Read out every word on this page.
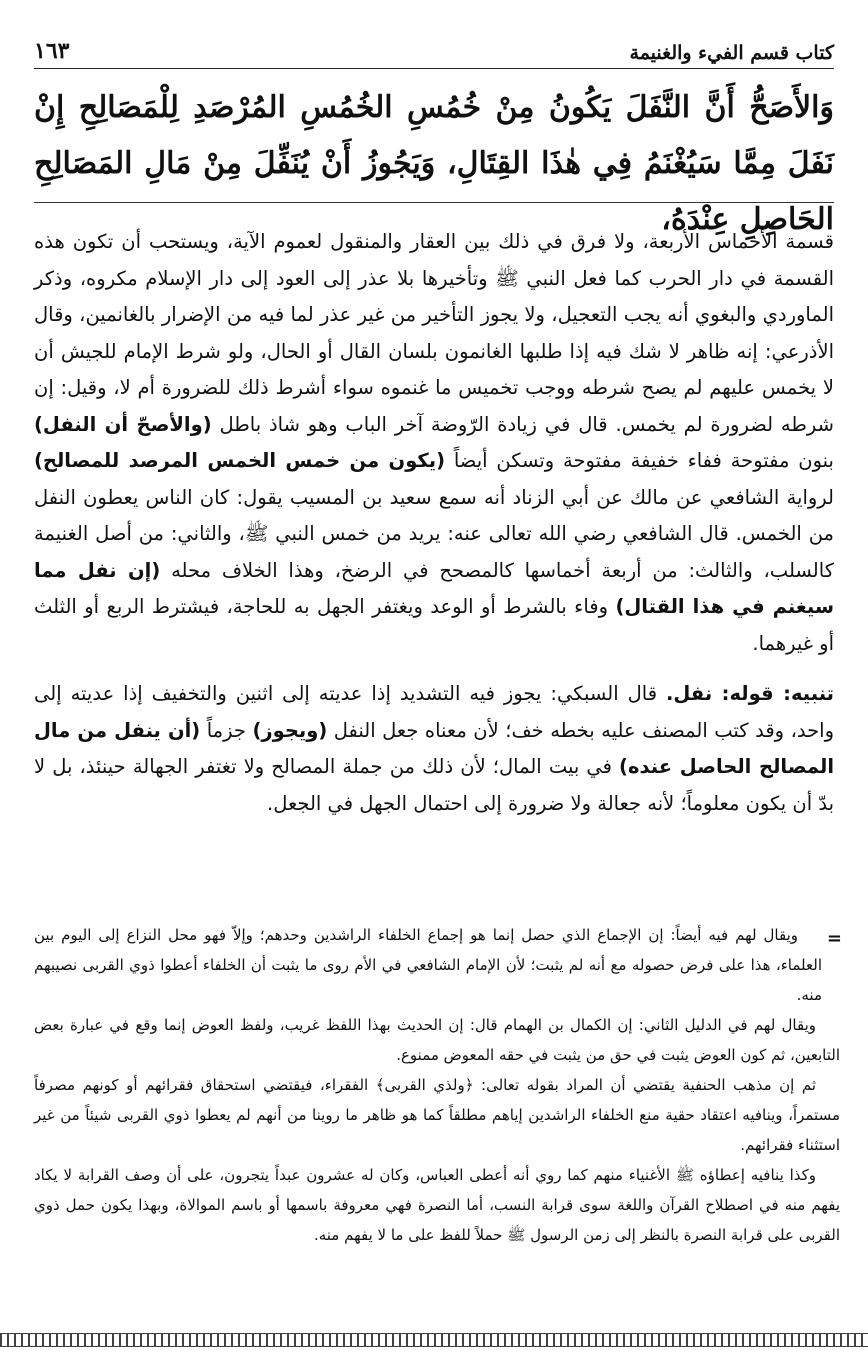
كتاب قسم الفيء والغنيمة
١٦٣
وَالأَصَحُّ أَنَّ النَّفَلَ يَكُونُ مِنْ خُمُسِ الخُمُسِ المُرْصَدِ لِلْمَصَالِحِ إِنْ نَفَلَ مِمَّا سَيُغْنَمُ فِي هٰذَا القِتَالِ، وَيَجُوزُ أَنْ يُنَفِّلَ مِنْ مَالِ المَصَالِحِ الحَاصِلِ عِنْدَهُ،

قسمة الأخماس الأربعة، ولا فرق في ذلك بين العقار والمنقول لعموم الآية، ويستحب أن تكون هذه القسمة في دار الحرب كما فعل النبي ﷺ وتأخيرها بلا عذر إلى العود إلى دار الإسلام مكروه، وذكر الماوردي والبغوي أنه يجب التعجيل، ولا يجوز التأخير من غير عذر لما فيه من الإضرار بالغانمين، وقال الأذرعي: إنه ظاهر لا شك فيه إذا طلبها الغانمون بلسان القال أو الحال، ولو شرط الإمام للجيش أن لا يخمس عليهم لم يصح شرطه ووجب تخميس ما غنموه سواء أشرط ذلك للضرورة أم لا، وقيل: إن شرطه لضرورة لم يخمس. قال في زيادة الرّوضة آخر الباب وهو شاذ باطل (والأصحّ أن النفل) بنون مفتوحة ففاء خفيفة مفتوحة وتسكن أيضاً (يكون من خمس الخمس المرصد للمصالح) لرواية الشافعي عن مالك عن أبي الزناد أنه سمع سعيد بن المسيب يقول: كان الناس يعطون النفل من الخمس. قال الشافعي رضي الله تعالى عنه: يريد من خمس النبي ﷺ، والثاني: من أصل الغنيمة كالسلب، والثالث: من أربعة أخماسها كالمصحح في الرضخ، وهذا الخلاف محله (إن نفل مما سيغنم في هذا القتال) وفاء بالشرط أو الوعد ويغتفر الجهل به للحاجة، فيشترط الربع أو الثلث أو غيرهما.

تنبيه: قوله: نفل. قال السبكي: يجوز فيه التشديد إذا عديته إلى اثنين والتخفيف إذا عديته إلى واحد، وقد كتب المصنف عليه بخطه خف؛ لأن معناه جعل النفل (ويجوز) جزماً (أن ينفل من مال المصالح الحاصل عنده) في بيت المال؛ لأن ذلك من جملة المصالح ولا تغتفر الجهالة حينئذ، بل لا بدّ أن يكون معلوماً؛ لأنه جعالة ولا ضرورة إلى احتمال الجهل في الجعل.

=

ويقال لهم فيه أيضاً: إن الإجماع الذي حصل إنما هو إجماع الخلفاء الراشدين وحدهم؛ وإلاّ فهو محل النزاع إلى اليوم بين العلماء، هذا على فرض حصوله مع أنه لم يثبت؛ لأن الإمام الشافعي في الأم روى ما يثبت أن الخلفاء أعطوا ذوي القربى نصيبهم منه.

ويقال لهم في الدليل الثاني: إن الكمال بن الهمام قال: إن الحديث بهذا اللفظ غريب، ولفظ العوض إنما وقع في عبارة بعض التابعين، ثم كون العوض يثبت في حق من يثبت في حقه المعوض ممنوع.

ثم إن مذهب الحنفية يقتضي أن المراد بقوله تعالى: ﴿ولذي القربى﴾ الفقراء، فيقتضي استحقاق فقرائهم أو كونهم مصرفاً مستمراً، وينافيه اعتقاد حقية منع الخلفاء الراشدين إياهم مطلقاً كما هو ظاهر ما روينا من أنهم لم يعطوا ذوي القربى شيئاً من غير استثناء فقرائهم.

وكذا ينافيه إعطاؤه ﷺ الأغنياء منهم كما روي أنه أعطى العباس، وكان له عشرون عبداً يتجرون، على أن وصف القرابة لا يكاد يفهم منه في اصطلاح القرآن واللغة سوى قرابة النسب، أما النصرة فهي معروفة باسمها أو باسم الموالاة، وبهذا يكون حمل ذوي القربى على قرابة النصرة بالنظر إلى زمن الرسول ﷺ حملاً للفظ على ما لا يفهم منه.
